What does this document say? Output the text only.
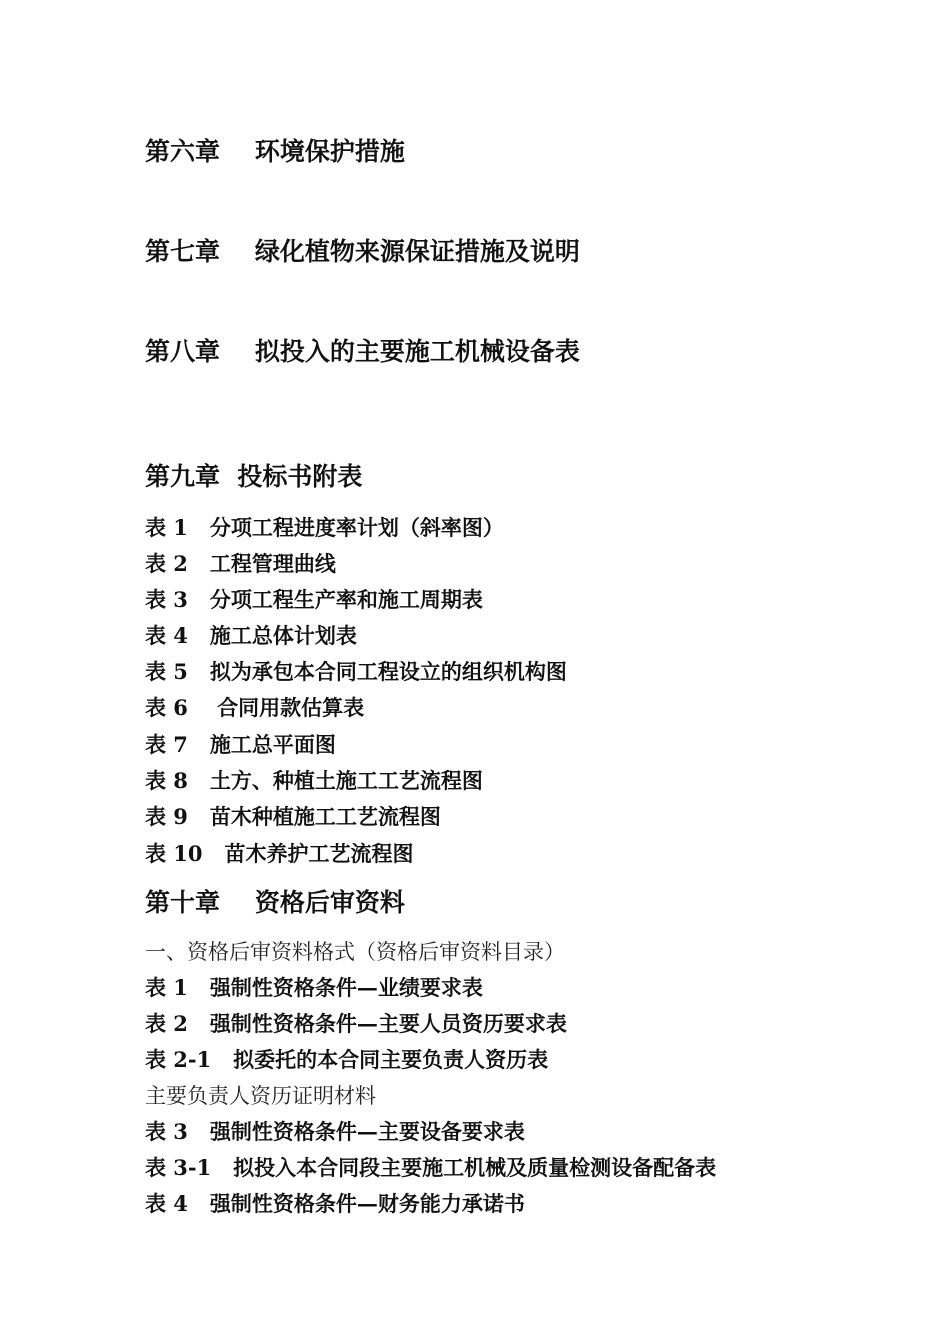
第六章    环境保护措施
第七章    绿化植物来源保证措施及说明
第八章    拟投入的主要施工机械设备表
第九章  投标书附表
表 1   分项工程进度率计划（斜率图）
表 2   工程管理曲线
表 3   分项工程生产率和施工周期表
表 4   施工总体计划表
表 5   拟为承包本合同工程设立的组织机构图
表 6    合同用款估算表
表 7   施工总平面图
表 8   土方、种植土施工工艺流程图
表 9   苗木种植施工工艺流程图
表 10   苗木养护工艺流程图
第十章    资格后审资料
一、资格后审资料格式（资格后审资料目录）
表 1   强制性资格条件—业绩要求表
表 2   强制性资格条件—主要人员资历要求表
表 2-1   拟委托的本合同主要负责人资历表
主要负责人资历证明材料
表 3   强制性资格条件—主要设备要求表
表 3-1   拟投入本合同段主要施工机械及质量检测设备配备表
表 4   强制性资格条件—财务能力承诺书
